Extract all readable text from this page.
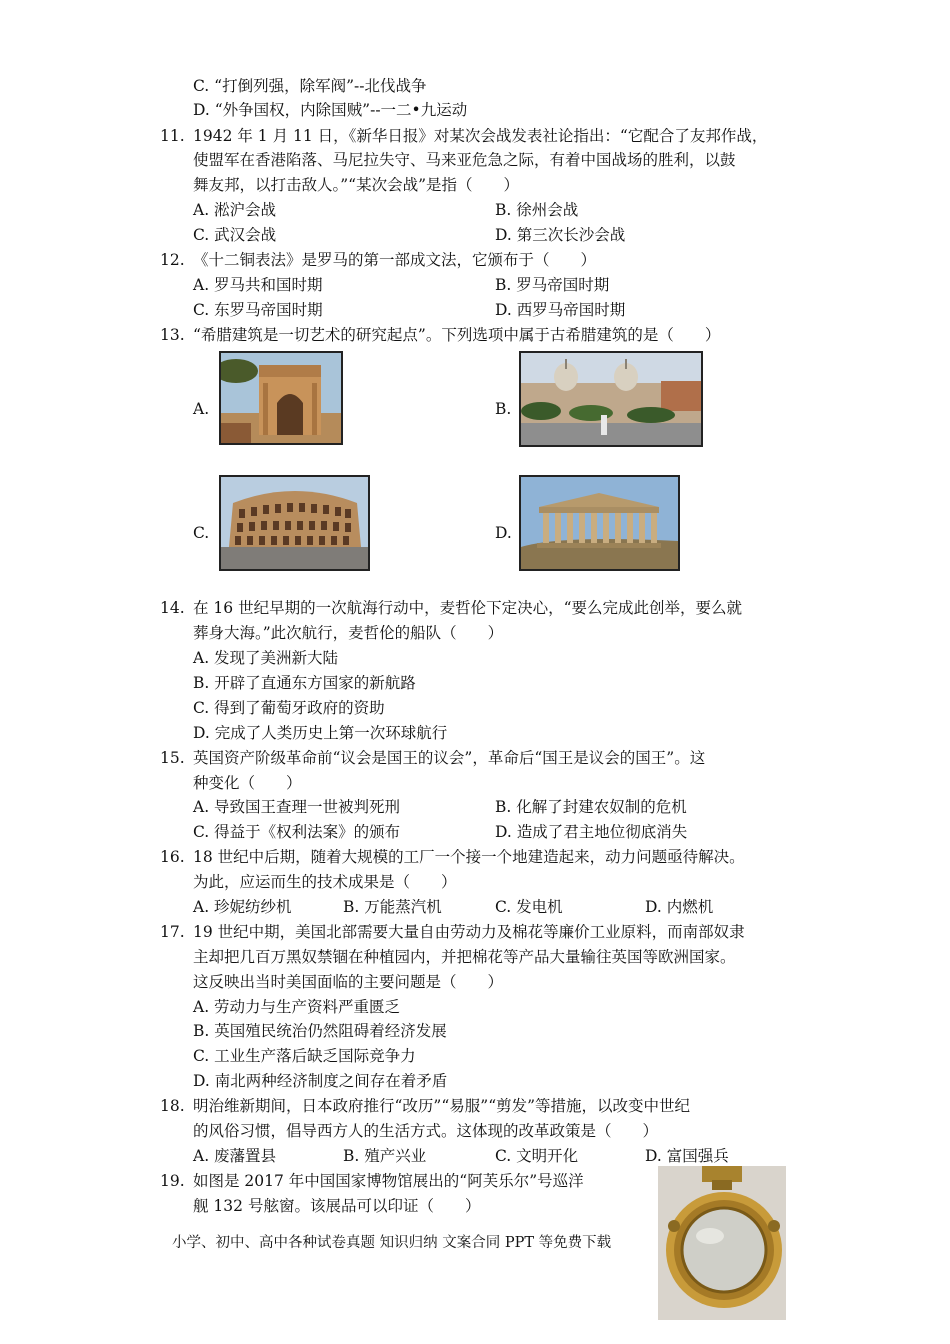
C. “打倒列强，除军阀”--北伐战争
D. “外争国权，内除国贼”--一二•九运动
11. 1942 年 1 月 11 日，《新华日报》对某次会战发表社论指出：“它配合了友邦作战，
使盟军在香港陷落、马尼拉失守、马来亚危急之际，有着中国战场的胜利，以鼓
舞友邦，以打击敌人。”“某次会战”是指（　　）
A. 淞沪会战	B. 徐州会战
C. 武汉会战	D. 第三次长沙会战
12. 《十二铜表法》是罗马的第一部成文法，它颁布于（　　）
A. 罗马共和国时期	B. 罗马帝国时期
C. 东罗马帝国时期	D. 西罗马帝国时期
13. “希腊建筑是一切艺术的研究起点”。下列选项中属于古希腊建筑的是（　　）
A.	B.
C.	D.
14. 在 16 世纪早期的一次航海行动中，麦哲伦下定决心，“要么完成此创举，要么就
葬身大海。”此次航行，麦哲伦的船队（　　）
A. 发现了美洲新大陆
B. 开辟了直通东方国家的新航路
C. 得到了葡萄牙政府的资助
D. 完成了人类历史上第一次环球航行
15. 英国资产阶级革命前“议会是国王的议会”，革命后“国王是议会的国王”。这
种变化（　　）
A. 导致国王查理一世被判死刑	B. 化解了封建农奴制的危机
C. 得益于《权利法案》的颁布	D. 造成了君主地位彻底消失
16. 18 世纪中后期，随着大规模的工厂一个接一个地建造起来，动力问题亟待解决。
为此，应运而生的技术成果是（　　）
A. 珍妮纺纱机	B. 万能蒸汽机	C. 发电机	D. 内燃机
17. 19 世纪中期，美国北部需要大量自由劳动力及棉花等廉价工业原料，而南部奴隶
主却把几百万黑奴禁锢在种植园内，并把棉花等产品大量输往英国等欧洲国家。
这反映出当时美国面临的主要问题是（　　）
A. 劳动力与生产资料严重匮乏
B. 英国殖民统治仍然阻碍着经济发展
C. 工业生产落后缺乏国际竞争力
D. 南北两种经济制度之间存在着矛盾
18. 明治维新期间，日本政府推行“改历”“易服”“剪发”等措施，以改变中世纪
的风俗习惯，倡导西方人的生活方式。这体现的改革政策是（　　）
A. 废藩置县	B. 殖产兴业	C. 文明开化	D. 富国强兵
19. 如图是 2017 年中国国家博物馆展出的“阿芙乐尔”号巡洋
舰 132 号舷窗。该展品可以印证（　　）
小学、初中、高中各种试卷真题 知识归纳 文案合同 PPT 等免费下载
